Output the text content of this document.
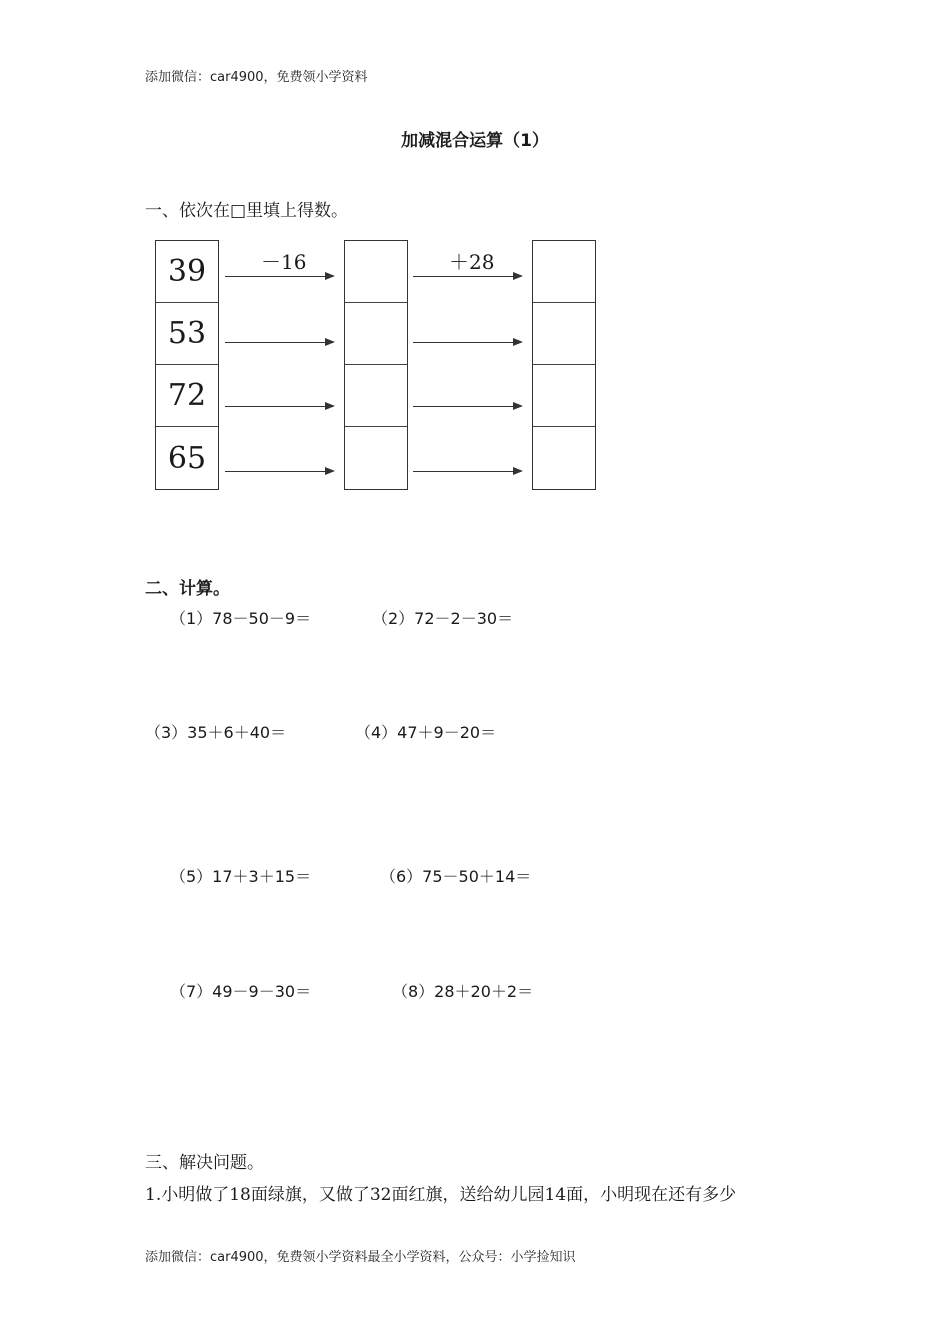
添加微信：car4900，免费领小学资料
加减混合运算（1）
一、依次在□里填上得数。
39
53
72
65
－16	＋28
二、计算。
（1）78－50－9＝	（2）72－2－30＝
（3）35＋6＋40＝	（4）47＋9－20＝
（5）17＋3＋15＝	（6）75－50＋14＝
（7）49－9－30＝	（8）28＋20＋2＝
三、解决问题。
1.小明做了18面绿旗，又做了32面红旗，送给幼儿园14面，小明现在还有多少
添加微信：car4900，免费领小学资料最全小学资料，公众号：小学捡知识
